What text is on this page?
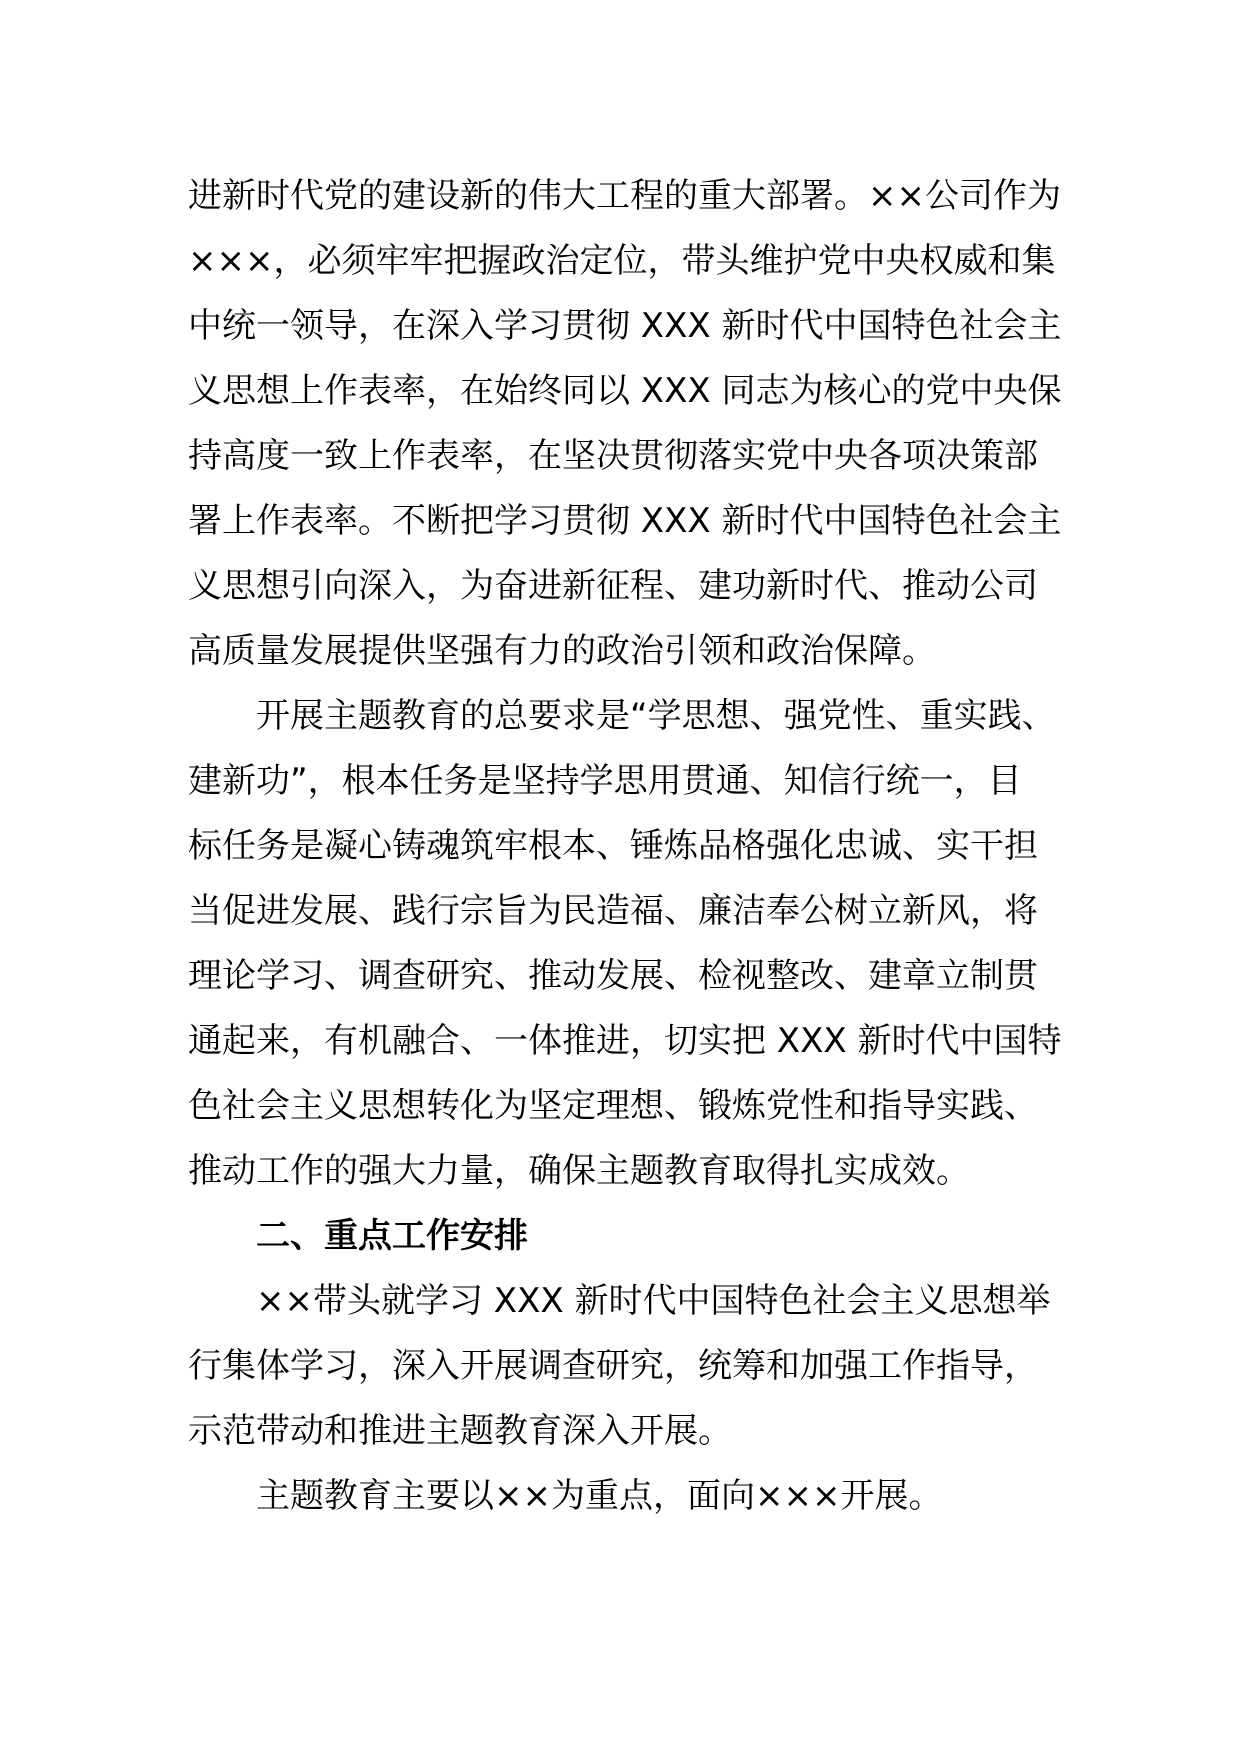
进新时代党的建设新的伟大工程的重大部署。××公司作为
×××，必须牢牢把握政治定位，带头维护党中央权威和集
中统一领导，在深入学习贯彻 XXX 新时代中国特色社会主
义思想上作表率，在始终同以 XXX 同志为核心的党中央保
持高度一致上作表率，在坚决贯彻落实党中央各项决策部
署上作表率。不断把学习贯彻 XXX 新时代中国特色社会主
义思想引向深入，为奋进新征程、建功新时代、推动公司
高质量发展提供坚强有力的政治引领和政治保障。
开展主题教育的总要求是“学思想、强党性、重实践、
建新功”，根本任务是坚持学思用贯通、知信行统一，目
标任务是凝心铸魂筑牢根本、锤炼品格强化忠诚、实干担
当促进发展、践行宗旨为民造福、廉洁奉公树立新风，将
理论学习、调查研究、推动发展、检视整改、建章立制贯
通起来，有机融合、一体推进，切实把 XXX 新时代中国特
色社会主义思想转化为坚定理想、锻炼党性和指导实践、
推动工作的强大力量，确保主题教育取得扎实成效。
二、重点工作安排
××带头就学习 XXX 新时代中国特色社会主义思想举
行集体学习，深入开展调查研究，统筹和加强工作指导，
示范带动和推进主题教育深入开展。
主题教育主要以××为重点，面向×××开展。
